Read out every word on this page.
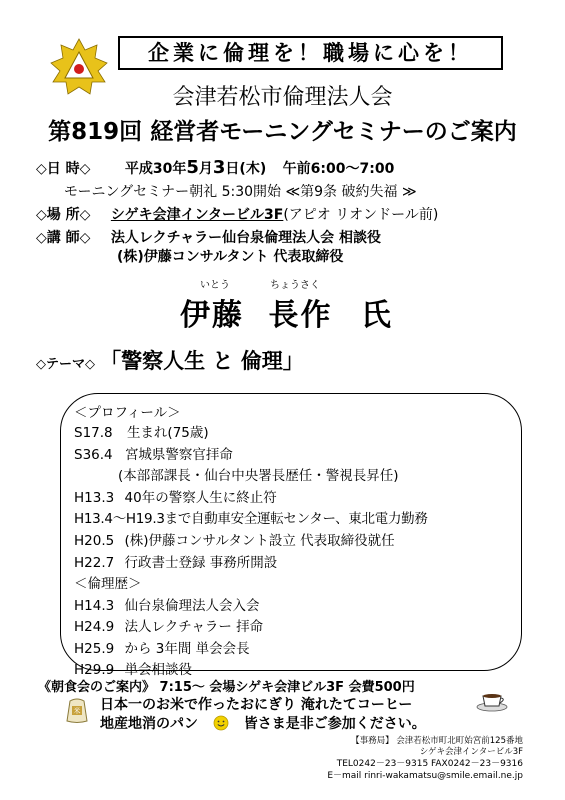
企業に倫理を！職場に心を！
会津若松市倫理法人会
第819回 経営者モーニングセミナーのご案内
◇日 時◇ 平成30年5月3日(木) 午前6:00～7:00
モーニングセミナー朝礼 5:30開始 ≪第9条 破約失福 ≫
◇場 所◇ シゲキ会津インタービル3F(アピオ リオンドール前)
◇講 師◇ 法人レクチャラー仙台泉倫理法人会 相談役
(株)伊藤コンサルタント 代表取締役
いとう	ちょうさく
伊藤 長作 氏
◇テーマ◇ 「警察人生 と 倫理」
＜プロフィール＞
S17.8 生まれ(75歳)
S36.4 宮城県警察官拝命
(本部部課長・仙台中央署長歴任・警視長昇任)
H13.3 40年の警察人生に終止符
H13.4～H19.3まで自動車安全運転センター、東北電力勤務
H20.5 (株)伊藤コンサルタント設立 代表取締役就任
H22.7 行政書士登録 事務所開設
＜倫理歴＞
H14.3 仙台泉倫理法人会入会
H24.9 法人レクチャラー 拝命
H25.9 から 3年間 単会会長
H29.9 単会相談役
《朝食会のご案内》 7:15～ 会場シゲキ会津ビル3F 会費500円
米 日本一のお米で作ったおにぎり 淹れたてコーヒー
地産地消のパン	皆さま是非ご参加ください。
【事務局】 会津若松市町北町始宮前125番地
シゲキ会津インタービル3F
TEL0242－23－9315 FAX0242－23－9316
E－mail rinri-wakamatsu@smile.email.ne.jp
